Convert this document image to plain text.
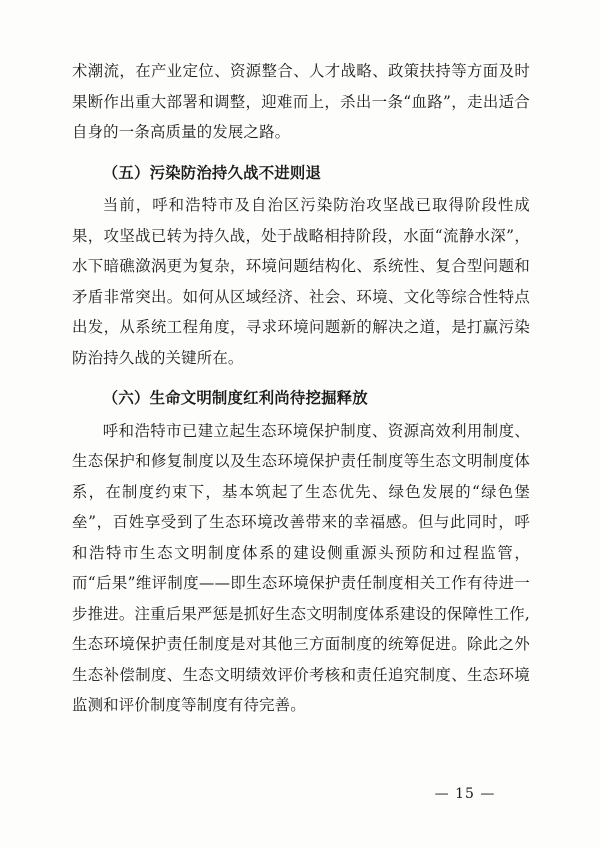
术潮流，在产业定位、资源整合、人才战略、政策扶持等方面及时果断作出重大部署和调整，迎难而上，杀出一条“血路”，走出适合自身的一条高质量的发展之路。

（五）污染防治持久战不进则退

当前，呼和浩特市及自治区污染防治攻坚战已取得阶段性成果，攻坚战已转为持久战，处于战略相持阶段，水面“流静水深”，水下暗礁潋涡更为复杂，环境问题结构化、系统性、复合型问题和矛盾非常突出。如何从区域经济、社会、环境、文化等综合性特点出发，从系统工程角度，寻求环境问题新的解决之道，是打赢污染防治持久战的关键所在。

（六）生命文明制度红利尚待挖掘释放

呼和浩特市已建立起生态环境保护制度、资源高效利用制度、生态保护和修复制度以及生态环境保护责任制度等生态文明制度体系，在制度约束下，基本筑起了生态优先、绿色发展的“绿色堡垒”，百姓享受到了生态环境改善带来的幸福感。但与此同时，呼和浩特市生态文明制度体系的建设侧重源头预防和过程监管，而“后果”维评制度——即生态环境保护责任制度相关工作有待进一步推进。注重后果严惩是抓好生态文明制度体系建设的保障性工作,生态环境保护责任制度是对其他三方面制度的统筹促进。除此之外生态补偿制度、生态文明绩效评价考核和责任追究制度、生态环境监测和评价制度等制度有待完善。

— 15 —
